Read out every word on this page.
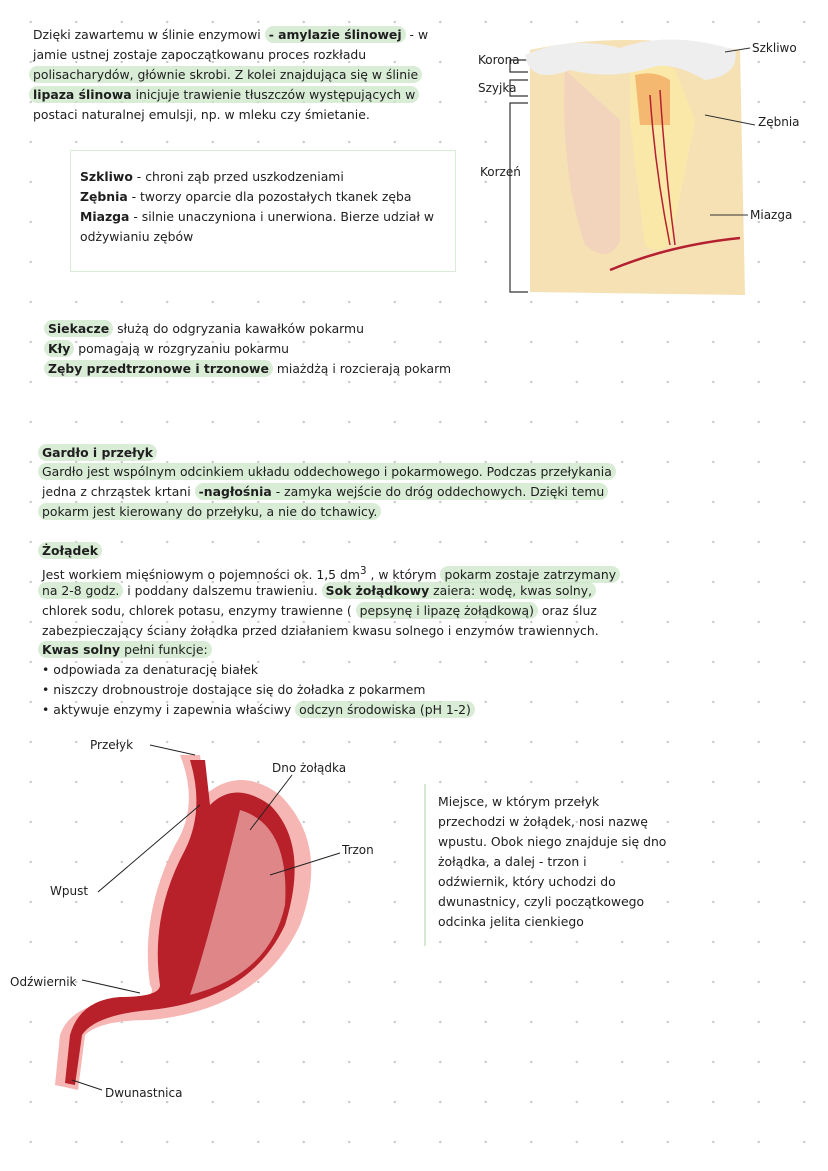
Dzięki zawartemu w ślinie enzymowi - amylazie ślinowej - w
jamie ustnej zostaje zapoczątkowanu proces rozkładu
polisacharydów, głównie skrobi. Z kolei znajdująca się w ślinie
lipaza ślinowa inicjuje trawienie tłuszczów występujących w
postaci naturalnej emulsji, np. w mleku czy śmietanie.
Szkliwo - chroni ząb przed uszkodzeniami
Zębnia - tworzy oparcie dla pozostałych tkanek zęba
Miazga - silnie unaczyniona i unerwiona. Bierze udział w
odżywianiu zębów
Korona
Szyjka
Korzeń
Szkliwo
Zębnia
Miazga
Siekacze służą do odgryzania kawałków pokarmu
Kły pomagają w rozgryzaniu pokarmu
Zęby przedtrzonowe i trzonowe miażdżą i rozcierają pokarm
Gardło i przełyk
Gardło jest wspólnym odcinkiem układu oddechowego i pokarmowego. Podczas przełykania
jedna z chrząstek krtani -nagłośnia - zamyka wejście do dróg oddechowych. Dzięki temu
pokarm jest kierowany do przełyku, a nie do tchawicy.
Żołądek
Jest workiem mięśniowym o pojemności ok. 1,5 $dm^3$ , w którym pokarm zostaje zatrzymany
na 2-8 godz. i poddany dalszemu trawieniu. Sok żołądkowy zaiera: wodę, kwas solny,
chlorek sodu, chlorek potasu, enzymy trawienne ( pepsynę i lipazę żołądkową) oraz śluz
zabezpieczający ściany żołądka przed działaniem kwasu solnego i enzymów trawiennych.
Kwas solny pełni funkcje:
• odpowiada za denaturację białek
• niszczy drobnoustroje dostające się do żoładka z pokarmem
• aktywuje enzymy i zapewnia właściwy odczyn środowiska (pH 1-2)
Przełyk
Dno żołądka
Trzon
Wpust
Odźwiernik
Dwunastnica
Miejsce, w którym przełyk
przechodzi w żołądek, nosi nazwę
wpustu. Obok niego znajduje się dno
żołądka, a dalej - trzon i
odźwiernik, który uchodzi do
dwunastnicy, czyli początkowego
odcinka jelita cienkiego
